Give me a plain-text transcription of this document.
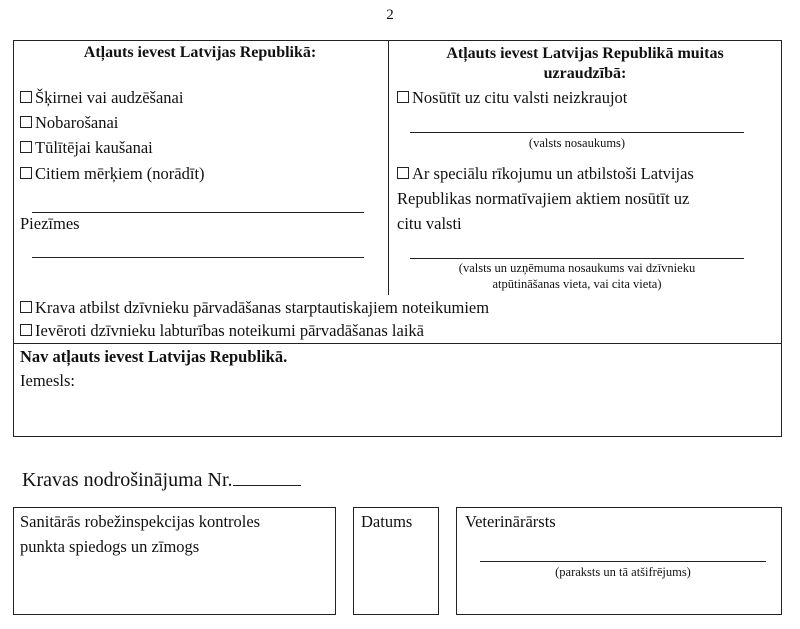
2
Atļauts ievest Latvijas Republikā:
Šķirnei vai audzēšanai
Nobarošanai
Tūlītējai kaušanai
Citiem mērķiem (norādīt)
Piezīmes
Atļauts ievest Latvijas Republikā muitas
uzraudzībā:
Nosūtīt uz citu valsti neizkraujot
(valsts nosaukums)
Ar speciālu rīkojumu un atbilstoši Latvijas
Republikas normatīvajiem aktiem nosūtīt uz
citu valsti
(valsts un uzņēmuma nosaukums vai dzīvnieku
atpūtināšanas vieta, vai cita vieta)
Krava atbilst dzīvnieku pārvadāšanas starptautiskajiem noteikumiem
Ievēroti dzīvnieku labturības noteikumi pārvadāšanas laikā
Nav atļauts ievest Latvijas Republikā.
Iemesls:
Kravas nodrošinājuma Nr.
Sanitārās robežinspekcijas kontroles
punkta spiedogs un zīmogs
Datums	Veterinārārsts
(paraksts un tā atšifrējums)
